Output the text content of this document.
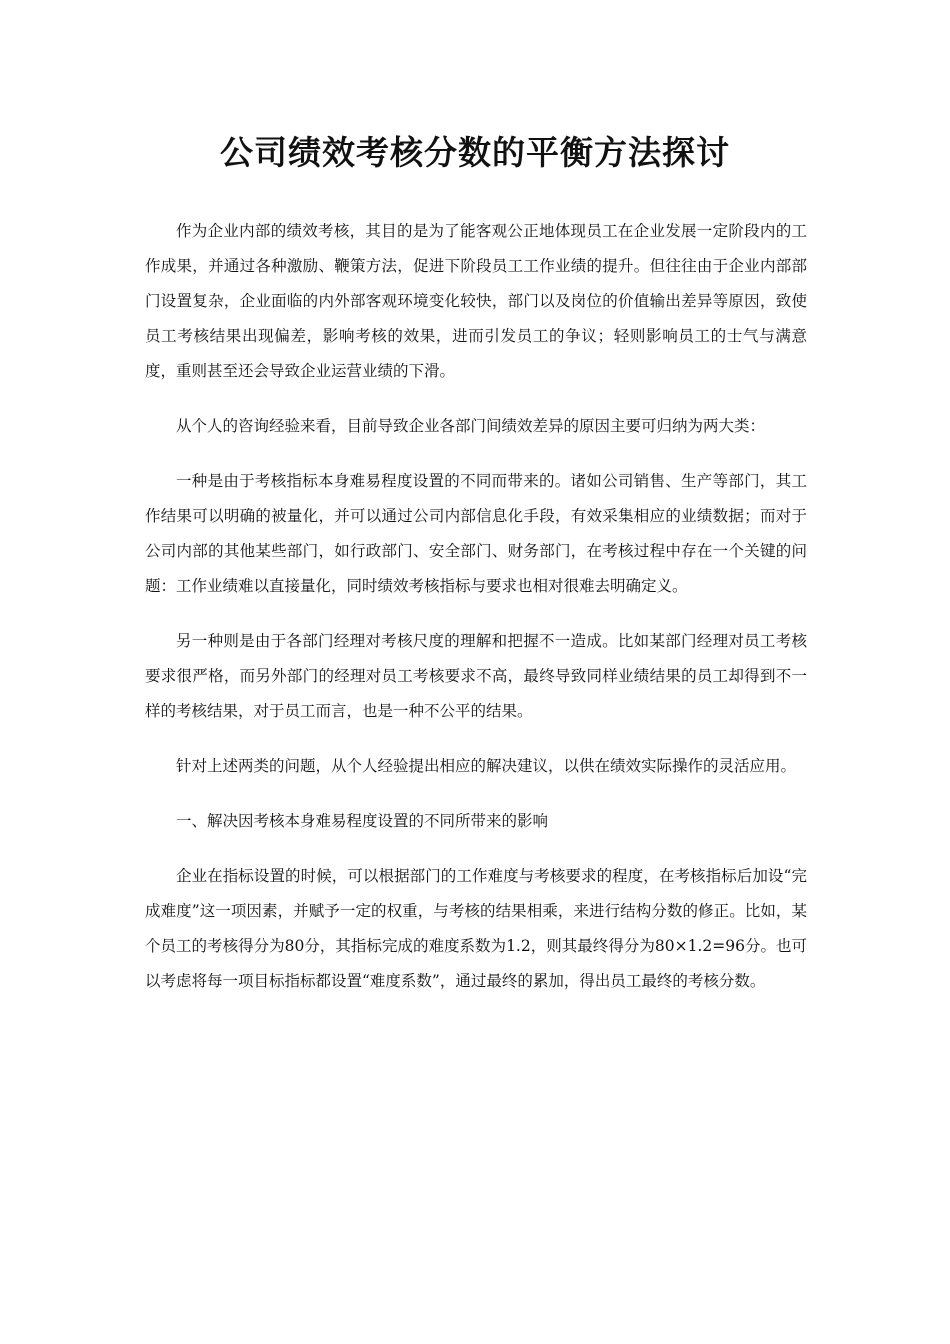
公司绩效考核分数的平衡方法探讨

作为企业内部的绩效考核，其目的是为了能客观公正地体现员工在企业发展一定阶段内的工作成果，并通过各种激励、鞭策方法，促进下阶段员工工作业绩的提升。但往往由于企业内部部门设置复杂，企业面临的内外部客观环境变化较快，部门以及岗位的价值输出差异等原因，致使员工考核结果出现偏差，影响考核的效果，进而引发员工的争议；轻则影响员工的士气与满意度，重则甚至还会导致企业运营业绩的下滑。

从个人的咨询经验来看，目前导致企业各部门间绩效差异的原因主要可归纳为两大类：

一种是由于考核指标本身难易程度设置的不同而带来的。诸如公司销售、生产等部门，其工作结果可以明确的被量化，并可以通过公司内部信息化手段，有效采集相应的业绩数据；而对于公司内部的其他某些部门，如行政部门、安全部门、财务部门，在考核过程中存在一个关键的问题：工作业绩难以直接量化，同时绩效考核指标与要求也相对很难去明确定义。

另一种则是由于各部门经理对考核尺度的理解和把握不一造成。比如某部门经理对员工考核要求很严格，而另外部门的经理对员工考核要求不高，最终导致同样业绩结果的员工却得到不一样的考核结果，对于员工而言，也是一种不公平的结果。

针对上述两类的问题，从个人经验提出相应的解决建议，以供在绩效实际操作的灵活应用。

一、解决因考核本身难易程度设置的不同所带来的影响

企业在指标设置的时候，可以根据部门的工作难度与考核要求的程度，在考核指标后加设“完成难度”这一项因素，并赋予一定的权重，与考核的结果相乘，来进行结构分数的修正。比如，某个员工的考核得分为80分，其指标完成的难度系数为1.2，则其最终得分为80×1.2=96分。也可以考虑将每一项目标指标都设置“难度系数”，通过最终的累加，得出员工最终的考核分数。
